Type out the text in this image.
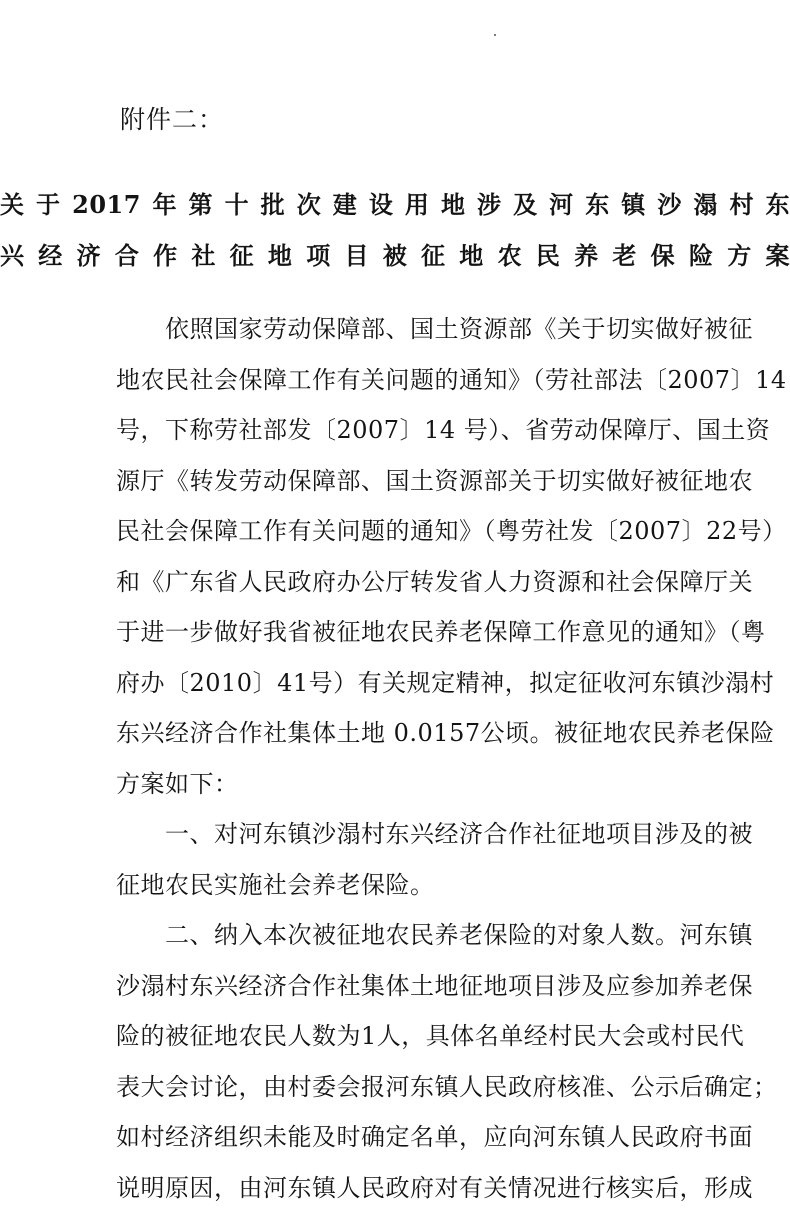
附件二：
关于2017年第十批次建设用地涉及河东镇沙溻村东
兴经济合作社征地项目被征地农民养老保险方案
　　依照国家劳动保障部、国土资源部《关于切实做好被征
地农民社会保障工作有关问题的通知》（劳社部法〔2007〕14
号，下称劳社部发〔2007〕14 号）、省劳动保障厅、国土资
源厅《转发劳动保障部、国土资源部关于切实做好被征地农
民社会保障工作有关问题的通知》（粤劳社发〔2007〕22号）
和《广东省人民政府办公厅转发省人力资源和社会保障厅关
于进一步做好我省被征地农民养老保障工作意见的通知》（粤
府办〔2010〕41号）有关规定精神，拟定征收河东镇沙溻村
东兴经济合作社集体土地 0.0157公顷。被征地农民养老保险
方案如下：
　　一、对河东镇沙溻村东兴经济合作社征地项目涉及的被
征地农民实施社会养老保险。
　　二、纳入本次被征地农民养老保险的对象人数。河东镇
沙溻村东兴经济合作社集体土地征地项目涉及应参加养老保
险的被征地农民人数为1人，具体名单经村民大会或村民代
表大会讨论，由村委会报河东镇人民政府核准、公示后确定；
如村经济组织未能及时确定名单，应向河东镇人民政府书面
说明原因，由河东镇人民政府对有关情况进行核实后，形成
